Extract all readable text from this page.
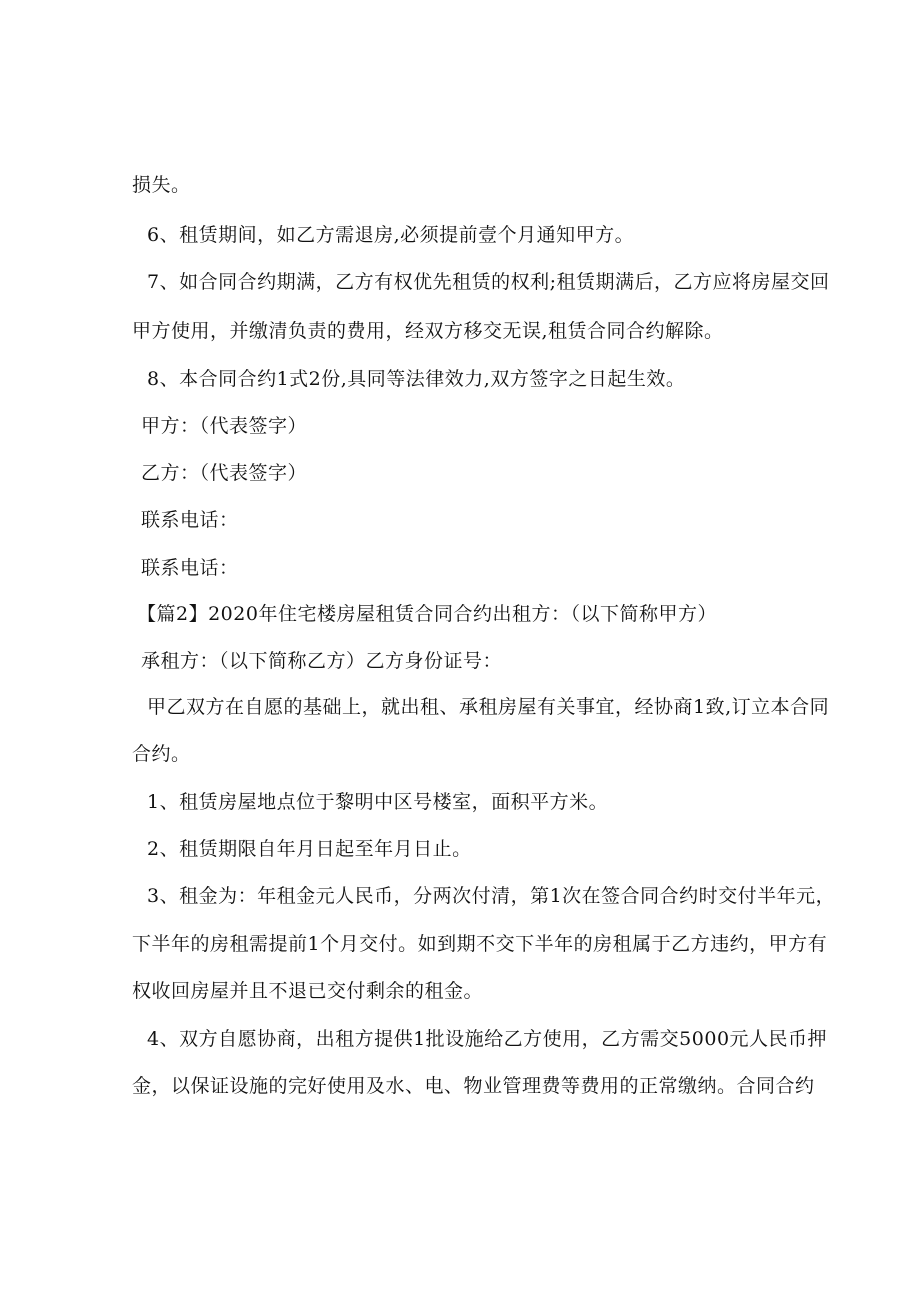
损失。
6、租赁期间，如乙方需退房,必须提前壹个月通知甲方。
7、如合同合约期满，乙方有权优先租赁的权利;租赁期满后，乙方应将房屋交回
甲方使用，并缴清负责的费用，经双方移交无误,租赁合同合约解除。
8、本合同合约1式2份,具同等法律效力,双方签字之日起生效。
甲方：（代表签字）
乙方：（代表签字）
联系电话：
联系电话：
【篇2】2020年住宅楼房屋租赁合同合约出租方：（以下简称甲方）
承租方：（以下简称乙方）乙方身份证号：
甲乙双方在自愿的基础上，就出租、承租房屋有关事宜，经协商1致,订立本合同
合约。
1、租赁房屋地点位于黎明中区号楼室，面积平方米。
2、租赁期限自年月日起至年月日止。
3、租金为：年租金元人民币，分两次付清，第1次在签合同合约时交付半年元，
下半年的房租需提前1个月交付。如到期不交下半年的房租属于乙方违约，甲方有
权收回房屋并且不退已交付剩余的租金。
4、双方自愿协商，出租方提供1批设施给乙方使用，乙方需交5000元人民币押
金，以保证设施的完好使用及水、电、物业管理费等费用的正常缴纳。合同合约
